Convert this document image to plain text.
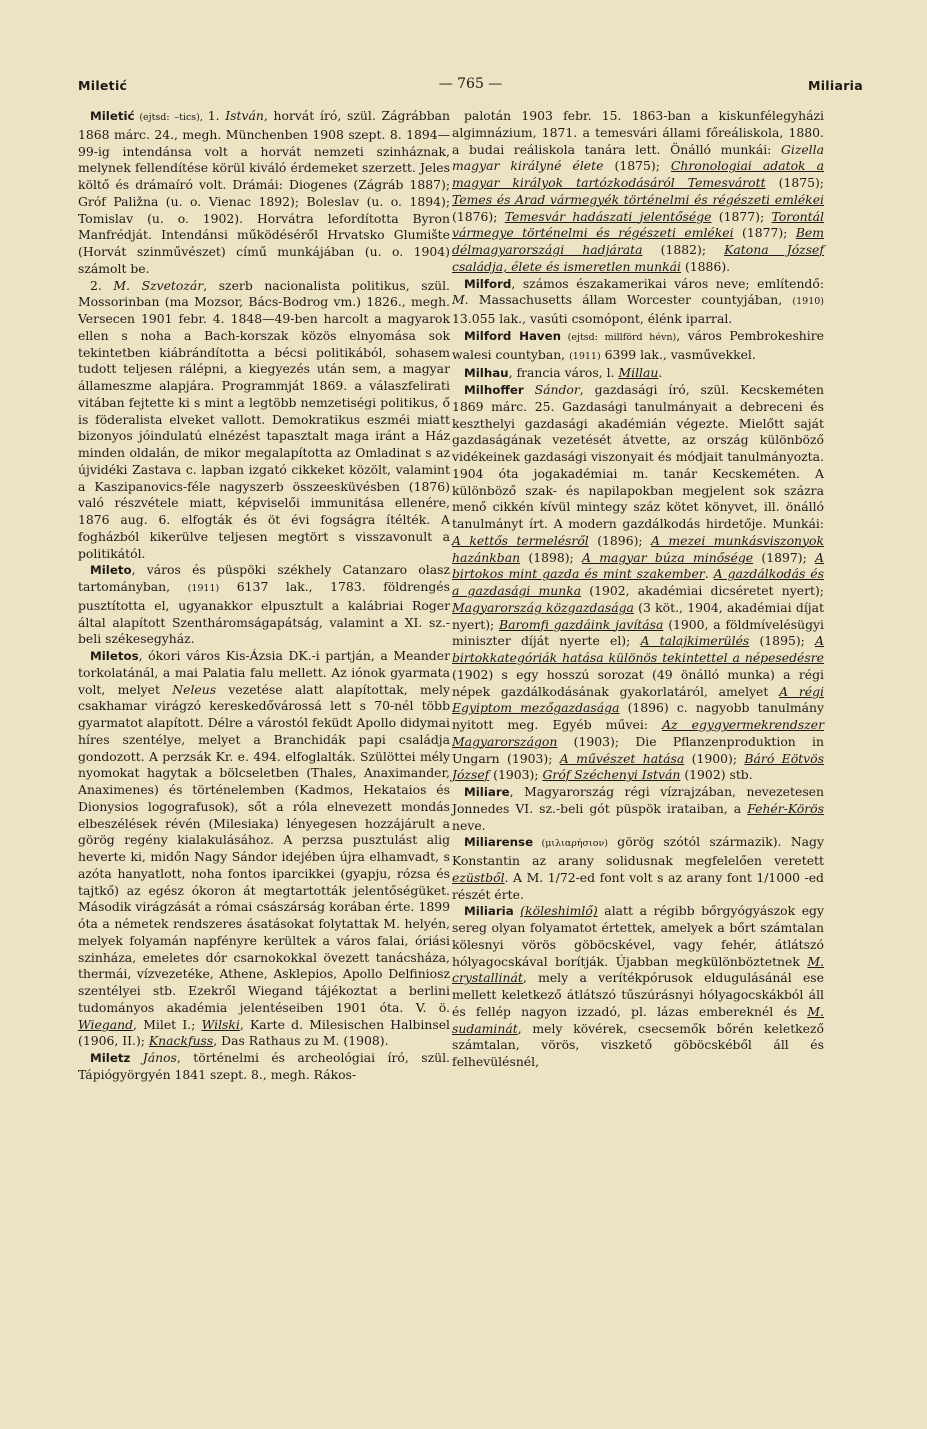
Miletić	— 765 —	Miliaria

Miletić (ejtsd: –tics), 1. István, horvát író, szül. Zágrábban 1868 márc. 24., megh. Münchenben 1908 szept. 8. 1894—99-ig intendánsa volt a horvát nemzeti szinháznak, melynek fellendítése körül kiváló érdemeket szerzett. Jeles költő és drámaíró volt. Drámái: Diogenes (Zágráb 1887); Gróf Paližna (u. o. Vienac 1892); Boleslav (u. o. 1894); Tomislav (u. o. 1902). Horvátra lefordította Byron Manfrédját. Intendánsi működéséről Hrvatsko Glumište (Horvát szinművészet) című munkájában (u. o. 1904) számolt be.

2. M. Szvetozár, szerb nacionalista politikus, szül. Mossorinban (ma Mozsor, Bács-Bodrog vm.) 1826., megh. Versecen 1901 febr. 4. 1848—49-ben harcolt a magyarok ellen s noha a Bach-korszak közös elnyomása sok tekintetben kiábrándította a bécsi politikából, sohasem tudott teljesen rálépni, a kiegyezés után sem, a magyar állameszme alapjára. Programmját 1869. a válaszfelirati vitában fejtette ki s mint a legtöbb nemzetiségi politikus, ő is föderalista elveket vallott. Demokratikus eszméi miatt bizonyos jóindulatú elnézést tapasztalt maga iránt a Ház minden oldalán, de mikor megalapította az Omladinat s az újvidéki Zastava c. lapban izgató cikkeket közölt, valamint a Kaszipanovics-féle nagyszerb összeesküvésben (1876) való részvétele miatt, képviselői immunitása ellenére, 1876 aug. 6. elfogták és öt évi fogságra ítélték. A fogházból kikerülve teljesen megtört s visszavonult a politikától.

Mileto, város és püspöki székhely Catanzaro olasz tartományban, (1911) 6137 lak., 1783. földrengés pusztította el, ugyanakkor elpusztult a kalábriai Roger által alapított Szentháromságapátság, valamint a XI. sz.-beli székesegyház.

Miletos, ókori város Kis-Ázsia DK.-i partján, a Meander torkolatánál, a mai Palatia falu mellett. Az iónok gyarmata volt, melyet Neleus vezetése alatt alapítottak, mely csakhamar virágzó kereskedővárossá lett s 70-nél több gyarmatot alapított. Délre a várostól feküdt Apollo didymai híres szentélye, melyet a Branchidák papi családja gondozott. A perzsák Kr. e. 494. elfoglalták. Szülöttei mély nyomokat hagytak a bölcseletben (Thales, Anaximander, Anaximenes) és történelemben (Kadmos, Hekataios és Dionysios logografusok), sőt a róla elnevezett mondás elbeszélések révén (Milesiaka) lényegesen hozzájárult a görög regény kialakulásához. A perzsa pusztulást alig heverte ki, midőn Nagy Sándor idejében újra elhamvadt, s azóta hanyatlott, noha fontos iparcikkei (gyapju, rózsa és tajtkő) az egész ókoron át megtartották jelentőségüket. Második virágzását a római császárság korában érte. 1899 óta a németek rendszeres ásatásokat folytattak M. helyén, melyek folyamán napfényre kerültek a város falai, óriási szinháza, emeletes dór csarnokokkal övezett tanácsháza, thermái, vízvezetéke, Athene, Asklepios, Apollo Delfiniosz szentélyei stb. Ezekről Wiegand tájékoztat a berlini tudományos akadémia jelentéseiben 1901 óta. V. ö. Wiegand, Milet I.; Wilski, Karte d. Milesischen Halbinsel (1906, II.); Knackfuss, Das Rathaus zu M. (1908).

Miletz János, történelmi és archeológiai író, szül. Tápiógyörgyén 1841 szept. 8., megh. Rákos-

palotán 1903 febr. 15. 1863-ban a kiskunfélegyházi algimnázium, 1871. a temesvári állami főreáliskola, 1880. a budai reáliskola tanára lett. Önálló munkái: Gizella magyar királyné élete (1875); Chronologiai adatok a magyar királyok tartózkodásáról Temesvárott (1875); Temes és Arad vármegyék történelmi és régészeti emlékei (1876); Temesvár hadászati jelentősége (1877); Torontál vármegye történelmi és régészeti emlékei (1877); Bem délmagyarországi hadjárata (1882); Katona József családja, élete és ismeretlen munkái (1886).

Milford, számos északamerikai város neve; említendő: M. Massachusetts állam Worcester countyjában, (1910) 13.055 lak., vasúti csomópont, élénk iparral.

Milford Haven (ejtsd: millförd hévn), város Pembrokeshire walesi countyban, (1911) 6399 lak., vasművekkel.

Milhau, francia város, l. Millau.

Milhoffer Sándor, gazdasági író, szül. Kecskeméten 1869 márc. 25. Gazdasági tanulmányait a debreceni és keszthelyi gazdasági akadémián végezte. Mielőtt saját gazdaságának vezetését átvette, az ország különböző vidékeinek gazdasági viszonyait és módjait tanulmányozta. 1904 óta jogakadémiai m. tanár Kecskeméten. A különböző szak- és napilapokban megjelent sok százra menő cikkén kívül mintegy száz kötet könyvet, ill. önálló tanulmányt írt. A modern gazdálkodás hirdetője. Munkái: A kettős termelésről (1896); A mezei munkásviszonyok hazánkban (1898); A magyar búza minősége (1897); A birtokos mint gazda és mint szakember. A gazdálkodás és a gazdasági munka (1902, akadémiai dicséretet nyert); Magyarország közgazdasága (3 köt., 1904, akadémiai díjat nyert); Baromfi gazdáink javítása (1900, a földmívelésügyi miniszter díját nyerte el); A talajkimerülés (1895); A birtokkategóriák hatása különös tekintettel a népesedésre (1902) s egy hosszú sorozat (49 önálló munka) a régi népek gazdálkodásának gyakorlatáról, amelyet A régi Egyiptom mezőgazdasága (1896) c. nagyobb tanulmány nyitott meg. Egyéb művei: Az egygyermekrendszer Magyarországon (1903); Die Pflanzenproduktion in Ungarn (1903); A művészet hatása (1900); Báró Eötvös József (1903); Gróf Széchenyi István (1902) stb.

Miliare, Magyarország régi vízrajzában, nevezetesen Jonnedes VI. sz.-beli gót püspök irataiban, a Fehér-Körös neve.

Miliarense (μιλιαρήσιον) görög szótól származik). Nagy Konstantin az arany solidusnak megfelelően veretett ezüstből. A M. 1/72-ed font volt s az arany font 1/1000 -ed részét érte.

Miliaria (köleshimlő) alatt a régibb bőrgyógyászok egy sereg olyan folyamatot értettek, amelyek a bőrt számtalan kölesnyi vörös göböcskével, vagy fehér, átlátszó hólyagocskával borítják. Újabban megkülönböztetnek M. crystallinát, mely a verítékpórusok eldugulásánál ese mellett keletkező átlátszó tűszúrásnyi hólyagocskákból áll és fellép nagyon izzadó, pl. lázas embereknél és M. sudaminát, mely kövérek, csecsemők bőrén keletkező számtalan, vörös, viszkető göböcskéből áll és felhevülésnél,
